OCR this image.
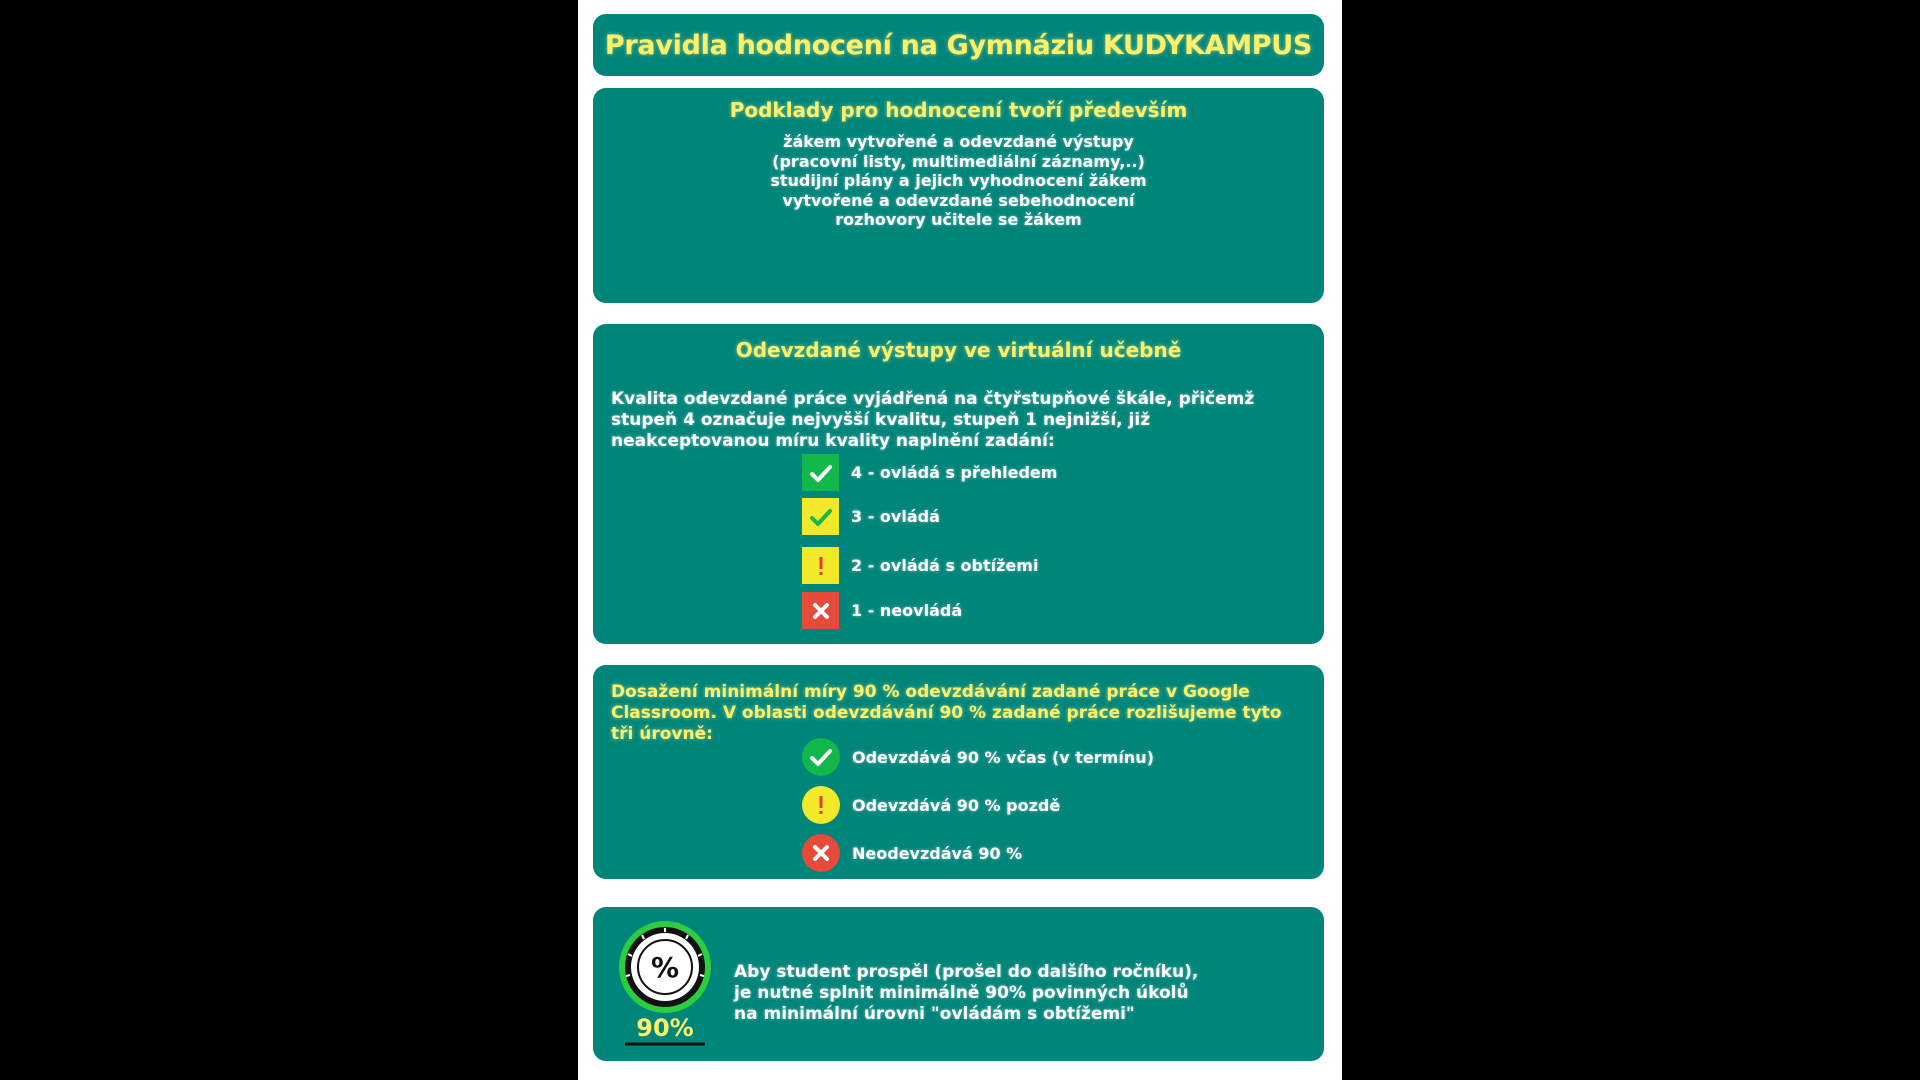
Pravidla hodnocení na Gymnáziu KUDYKAMPUS
Podklady pro hodnocení tvoří především
žákem vytvořené a odevzdané výstupy
(pracovní listy, multimediální záznamy,..)
studijní plány a jejich vyhodnocení žákem
vytvořené a odevzdané sebehodnocení
rozhovory učitele se žákem
Odevzdané výstupy ve virtuální učebně
Kvalita odevzdané práce vyjádřená na čtyřstupňové škále, přičemž stupeň 4 označuje nejvyšší kvalitu, stupeň 1 nejnižší, již neakceptovanou míru kvality naplnění zadání:
4 - ovládá s přehledem
3 - ovládá
2 - ovládá s obtížemi
1 - neovládá
Dosažení minimální míry 90 % odevzdávání zadané práce v Google Classroom. V oblasti odevzdávání 90 % zadané práce rozlišujeme tyto tři úrovně:
Odevzdává 90 % včas (v termínu)
Odevzdává 90 % pozdě
Neodevzdává 90 %
%
90%
Aby student prospěl (prošel do dalšího ročníku), je nutné splnit minimálně 90% povinných úkolů na minimální úrovni "ovládám s obtížemi"
